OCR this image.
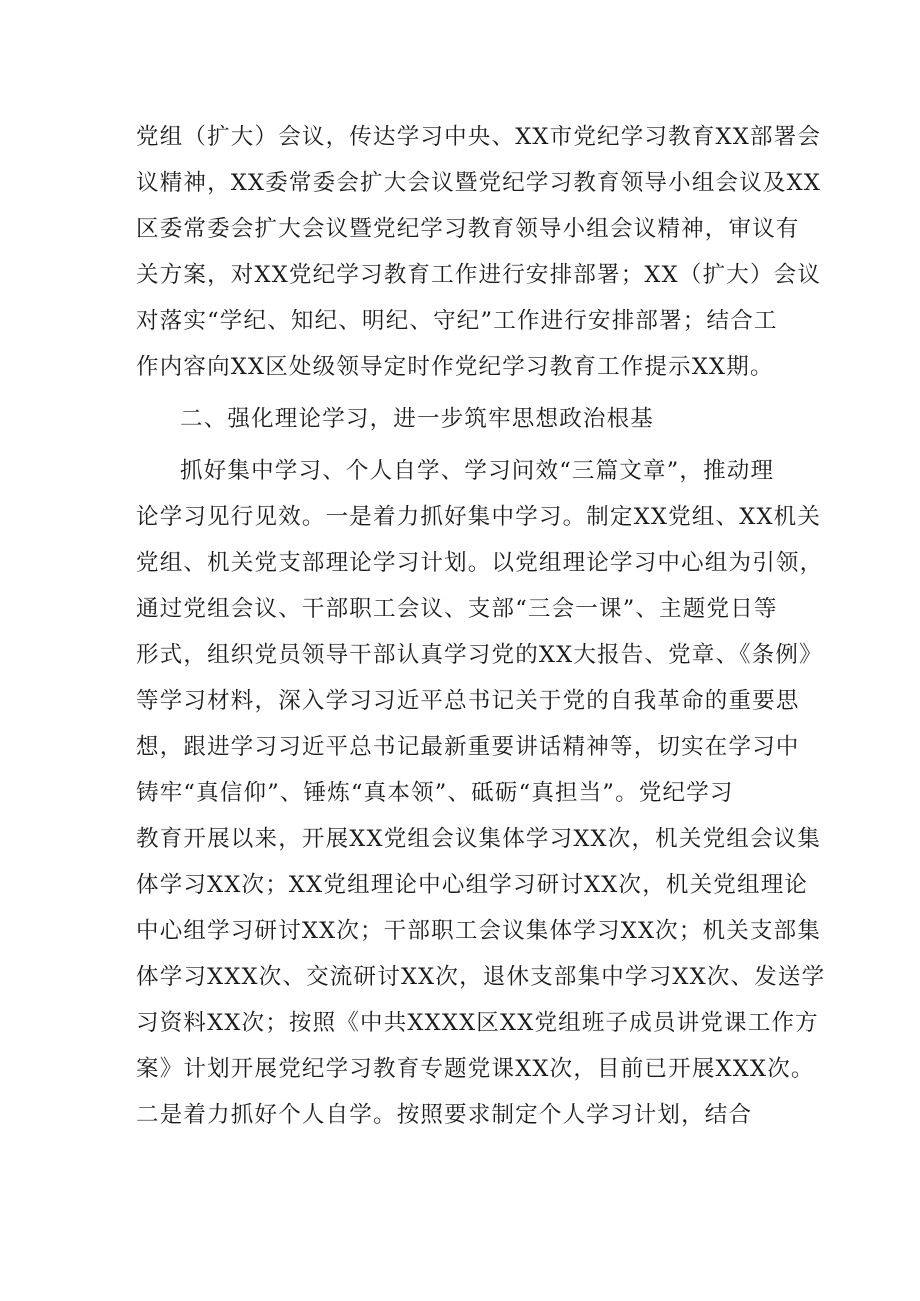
党组（扩大）会议，传达学习中央、XX市党纪学习教育XX部署会
议精神，XX委常委会扩大会议暨党纪学习教育领导小组会议及XX
区委常委会扩大会议暨党纪学习教育领导小组会议精神，审议有
关方案，对XX党纪学习教育工作进行安排部署；XX（扩大）会议
对落实“学纪、知纪、明纪、守纪”工作进行安排部署；结合工
作内容向XX区处级领导定时作党纪学习教育工作提示XX期。
二、强化理论学习，进一步筑牢思想政治根基
抓好集中学习、个人自学、学习问效“三篇文章”，推动理
论学习见行见效。一是着力抓好集中学习。制定XX党组、XX机关
党组、机关党支部理论学习计划。以党组理论学习中心组为引领，
通过党组会议、干部职工会议、支部“三会一课”、主题党日等
形式，组织党员领导干部认真学习党的XX大报告、党章、《条例》
等学习材料，深入学习习近平总书记关于党的自我革命的重要思
想，跟进学习习近平总书记最新重要讲话精神等，切实在学习中
铸牢“真信仰”、锤炼“真本领”、砥砺“真担当”。党纪学习
教育开展以来，开展XX党组会议集体学习XX次，机关党组会议集
体学习XX次；XX党组理论中心组学习研讨XX次，机关党组理论
中心组学习研讨XX次；干部职工会议集体学习XX次；机关支部集
体学习XXX次、交流研讨XX次，退休支部集中学习XX次、发送学
习资料XX次；按照《中共XXXX区XX党组班子成员讲党课工作方
案》计划开展党纪学习教育专题党课XX次，目前已开展XXX次。
二是着力抓好个人自学。按照要求制定个人学习计划，结合
